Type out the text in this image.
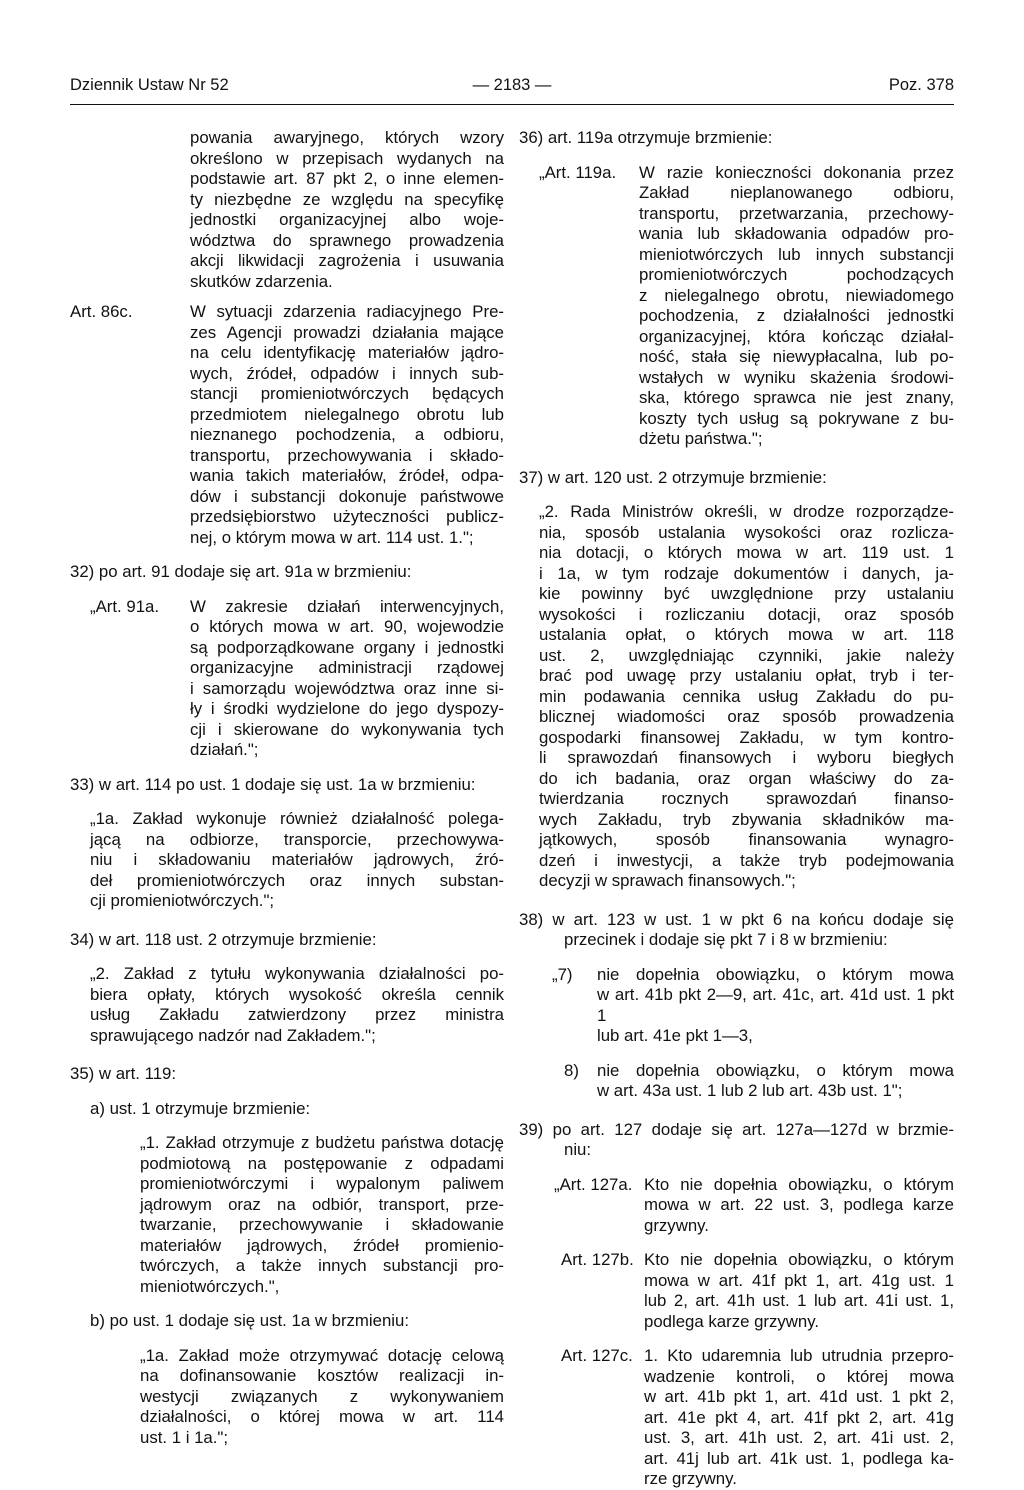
Dziennik Ustaw Nr 52	— 2183 —	Poz. 378
powania awaryjnego, których wzory
określono w przepisach wydanych na
podstawie art. 87 pkt 2, o inne elemen-
ty niezbędne ze względu na specyfikę
jednostki organizacyjnej albo woje-
wództwa do sprawnego prowadzenia
akcji likwidacji zagrożenia i usuwania
skutków zdarzenia.
Art. 86c.	W sytuacji zdarzenia radiacyjnego Pre-
zes Agencji prowadzi działania mające
na celu identyfikację materiałów jądro-
wych, źródeł, odpadów i innych sub-
stancji promieniotwórczych będących
przedmiotem nielegalnego obrotu lub
nieznanego pochodzenia, a odbioru,
transportu, przechowywania i składo-
wania takich materiałów, źródeł, odpa-
dów i substancji dokonuje państwowe
przedsiębiorstwo użyteczności publicz-
nej, o którym mowa w art. 114 ust. 1.";
32) po art. 91 dodaje się art. 91a w brzmieniu:
„Art. 91a.	W zakresie działań interwencyjnych,
o których mowa w art. 90, wojewodzie
są podporządkowane organy i jednostki
organizacyjne administracji rządowej
i samorządu województwa oraz inne si-
ły i środki wydzielone do jego dyspozy-
cji i skierowane do wykonywania tych
działań.";
33) w art. 114 po ust. 1 dodaje się ust. 1a w brzmieniu:
„1a. Zakład wykonuje również działalność polega-
jącą na odbiorze, transporcie, przechowywa-
niu i składowaniu materiałów jądrowych, źró-
deł promieniotwórczych oraz innych substan-
cji promieniotwórczych.";
34) w art. 118 ust. 2 otrzymuje brzmienie:
„2. Zakład z tytułu wykonywania działalności po-
biera opłaty, których wysokość określa cennik
usług Zakładu zatwierdzony przez ministra
sprawującego nadzór nad Zakładem.";
35) w art. 119:
a) ust. 1 otrzymuje brzmienie:
„1. Zakład otrzymuje z budżetu państwa dotację
podmiotową na postępowanie z odpadami
promieniotwórczymi i wypalonym paliwem
jądrowym oraz na odbiór, transport, prze-
twarzanie, przechowywanie i składowanie
materiałów jądrowych, źródeł promienio-
twórczych, a także innych substancji pro-
mieniotwórczych.",
b) po ust. 1 dodaje się ust. 1a w brzmieniu:
„1a. Zakład może otrzymywać dotację celową
na dofinansowanie kosztów realizacji in-
westycji związanych z wykonywaniem
działalności, o której mowa w art. 114
ust. 1 i 1a.";
36) art. 119a otrzymuje brzmienie:
„Art. 119a.	W razie konieczności dokonania przez
Zakład nieplanowanego odbioru,
transportu, przetwarzania, przechowy-
wania lub składowania odpadów pro-
mieniotwórczych lub innych substancji
promieniotwórczych pochodzących
z nielegalnego obrotu, niewiadomego
pochodzenia, z działalności jednostki
organizacyjnej, która kończąc działal-
ność, stała się niewypłacalna, lub po-
wstałych w wyniku skażenia środowi-
ska, którego sprawca nie jest znany,
koszty tych usług są pokrywane z bu-
dżetu państwa.";
37) w art. 120 ust. 2 otrzymuje brzmienie:
„2. Rada Ministrów określi, w drodze rozporządze-
nia, sposób ustalania wysokości oraz rozlicza-
nia dotacji, o których mowa w art. 119 ust. 1
i 1a, w tym rodzaje dokumentów i danych, ja-
kie powinny być uwzględnione przy ustalaniu
wysokości i rozliczaniu dotacji, oraz sposób
ustalania opłat, o których mowa w art. 118
ust. 2, uwzględniając czynniki, jakie należy
brać pod uwagę przy ustalaniu opłat, tryb i ter-
min podawania cennika usług Zakładu do pu-
blicznej wiadomości oraz sposób prowadzenia
gospodarki finansowej Zakładu, w tym kontro-
li sprawozdań finansowych i wyboru biegłych
do ich badania, oraz organ właściwy do za-
twierdzania rocznych sprawozdań finanso-
wych Zakładu, tryb zbywania składników ma-
jątkowych, sposób finansowania wynagro-
dzeń i inwestycji, a także tryb podejmowania
decyzji w sprawach finansowych.";
38) w art. 123 w ust. 1 w pkt 6 na końcu dodaje się
przecinek i dodaje się pkt 7 i 8 w brzmieniu:
„7)	nie dopełnia obowiązku, o którym mowa
w art. 41b pkt 2—9, art. 41c, art. 41d ust. 1 pkt 1
lub art. 41e pkt 1—3,
8)	nie dopełnia obowiązku, o którym mowa
w art. 43a ust. 1 lub 2 lub art. 43b ust. 1";
39) po art. 127 dodaje się art. 127a—127d w brzmie-
niu:
„Art. 127a. Kto nie dopełnia obowiązku, o którym
mowa w art. 22 ust. 3, podlega karze
grzywny.
Art. 127b. Kto nie dopełnia obowiązku, o którym
mowa w art. 41f pkt 1, art. 41g ust. 1
lub 2, art. 41h ust. 1 lub art. 41i ust. 1,
podlega karze grzywny.
Art. 127c. 1. Kto udaremnia lub utrudnia przepro-
wadzenie kontroli, o której mowa
w art. 41b pkt 1, art. 41d ust. 1 pkt 2,
art. 41e pkt 4, art. 41f pkt 2, art. 41g
ust. 3, art. 41h ust. 2, art. 41i ust. 2,
art. 41j lub art. 41k ust. 1, podlega ka-
rze grzywny.
